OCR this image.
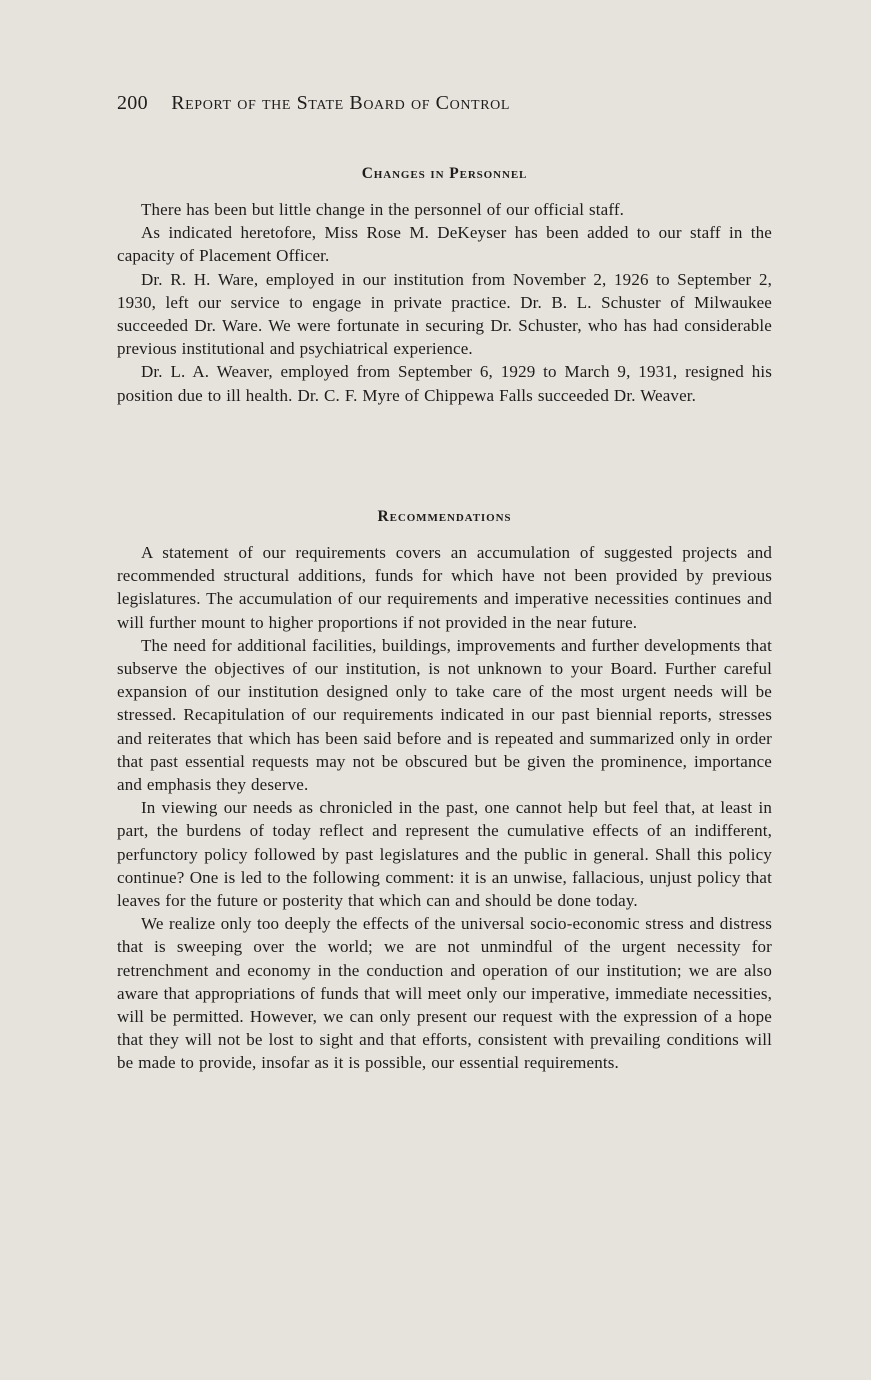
200 Report of the State Board of Control
Changes in Personnel

There has been but little change in the personnel of our official staff.

As indicated heretofore, Miss Rose M. DeKeyser has been added to our staff in the capacity of Placement Officer.

Dr. R. H. Ware, employed in our institution from November 2, 1926 to September 2, 1930, left our service to engage in private practice. Dr. B. L. Schuster of Milwaukee succeeded Dr. Ware. We were fortunate in securing Dr. Schuster, who has had considerable previous institutional and psychiatrical experience.

Dr. L. A. Weaver, employed from September 6, 1929 to March 9, 1931, resigned his position due to ill health. Dr. C. F. Myre of Chippewa Falls succeeded Dr. Weaver.

Recommendations

A statement of our requirements covers an accumulation of suggested projects and recommended structural additions, funds for which have not been provided by previous legislatures. The accumulation of our requirements and imperative necessities continues and will further mount to higher proportions if not provided in the near future.

The need for additional facilities, buildings, improvements and further developments that subserve the objectives of our institution, is not unknown to your Board. Further careful expansion of our institution designed only to take care of the most urgent needs will be stressed. Recapitulation of our requirements indicated in our past biennial reports, stresses and reiterates that which has been said before and is repeated and summarized only in order that past essential requests may not be obscured but be given the prominence, importance and emphasis they deserve.

In viewing our needs as chronicled in the past, one cannot help but feel that, at least in part, the burdens of today reflect and represent the cumulative effects of an indifferent, perfunctory policy followed by past legislatures and the public in general. Shall this policy continue? One is led to the following comment: it is an unwise, fallacious, unjust policy that leaves for the future or posterity that which can and should be done today.

We realize only too deeply the effects of the universal socio-economic stress and distress that is sweeping over the world; we are not unmindful of the urgent necessity for retrenchment and economy in the conduction and operation of our institution; we are also aware that appropriations of funds that will meet only our imperative, immediate necessities, will be permitted. However, we can only present our request with the expression of a hope that they will not be lost to sight and that efforts, consistent with prevailing conditions will be made to provide, insofar as it is possible, our essential requirements.
